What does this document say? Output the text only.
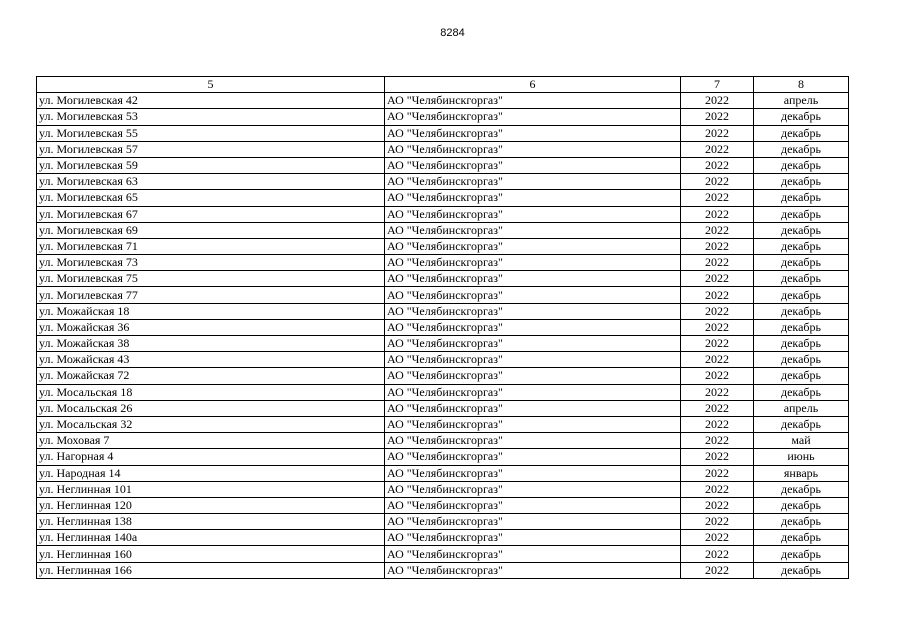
8284
5	6	7	8
ул. Могилевская 42	АО "Челябинскгоргаз"	2022	апрель
ул. Могилевская 53	АО "Челябинскгоргаз"	2022	декабрь
ул. Могилевская 55	АО "Челябинскгоргаз"	2022	декабрь
ул. Могилевская 57	АО "Челябинскгоргаз"	2022	декабрь
ул. Могилевская 59	АО "Челябинскгоргаз"	2022	декабрь
ул. Могилевская 63	АО "Челябинскгоргаз"	2022	декабрь
ул. Могилевская 65	АО "Челябинскгоргаз"	2022	декабрь
ул. Могилевская 67	АО "Челябинскгоргаз"	2022	декабрь
ул. Могилевская 69	АО "Челябинскгоргаз"	2022	декабрь
ул. Могилевская 71	АО "Челябинскгоргаз"	2022	декабрь
ул. Могилевская 73	АО "Челябинскгоргаз"	2022	декабрь
ул. Могилевская 75	АО "Челябинскгоргаз"	2022	декабрь
ул. Могилевская 77	АО "Челябинскгоргаз"	2022	декабрь
ул. Можайская 18	АО "Челябинскгоргаз"	2022	декабрь
ул. Можайская 36	АО "Челябинскгоргаз"	2022	декабрь
ул. Можайская 38	АО "Челябинскгоргаз"	2022	декабрь
ул. Можайская 43	АО "Челябинскгоргаз"	2022	декабрь
ул. Можайская 72	АО "Челябинскгоргаз"	2022	декабрь
ул. Мосальская 18	АО "Челябинскгоргаз"	2022	декабрь
ул. Мосальская 26	АО "Челябинскгоргаз"	2022	апрель
ул. Мосальская 32	АО "Челябинскгоргаз"	2022	декабрь
ул. Моховая 7	АО "Челябинскгоргаз"	2022	май
ул. Нагорная 4	АО "Челябинскгоргаз"	2022	июнь
ул. Народная 14	АО "Челябинскгоргаз"	2022	январь
ул. Неглинная 101	АО "Челябинскгоргаз"	2022	декабрь
ул. Неглинная 120	АО "Челябинскгоргаз"	2022	декабрь
ул. Неглинная 138	АО "Челябинскгоргаз"	2022	декабрь
ул. Неглинная 140а	АО "Челябинскгоргаз"	2022	декабрь
ул. Неглинная 160	АО "Челябинскгоргаз"	2022	декабрь
ул. Неглинная 166	АО "Челябинскгоргаз"	2022	декабрь
